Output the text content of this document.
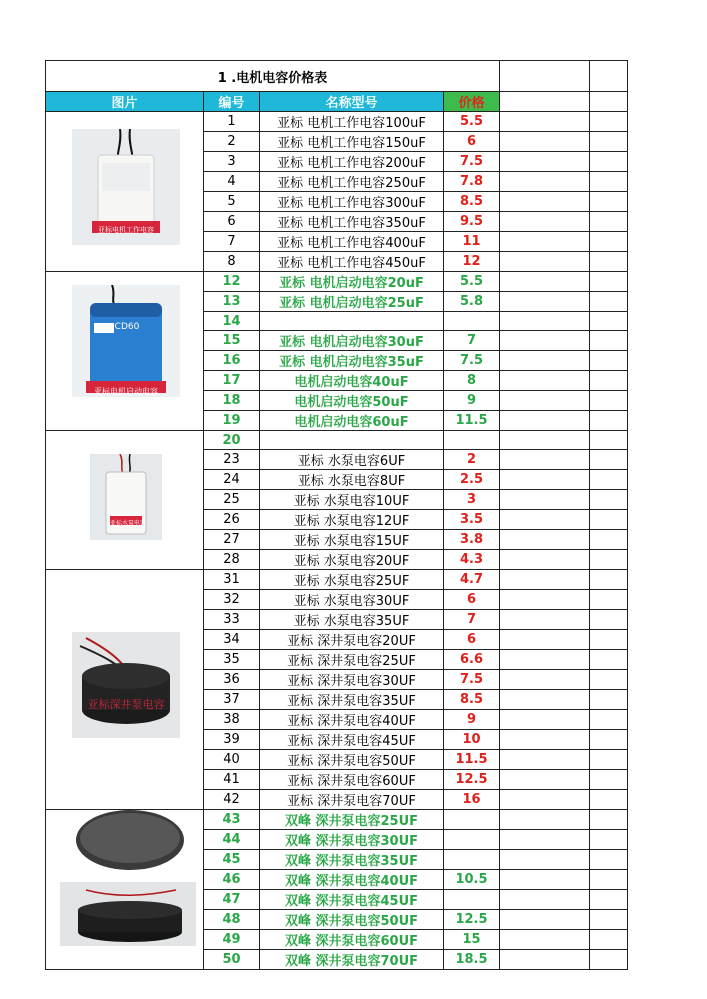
1 .电机电容价格表					
图片	编号	名称型号	价格		

亚标电机工作电容	1	亚标 电机工作电容100uF	5.5		
	2	亚标 电机工作电容150uF	6		
	3	亚标 电机工作电容200uF	7.5		
	4	亚标 电机工作电容250uF	7.8		
	5	亚标 电机工作电容300uF	8.5		
	6	亚标 电机工作电容350uF	9.5		
	7	亚标 电机工作电容400uF	11		
	8	亚标 电机工作电容450uF	12		

CD60
亚标电机启动电容	12	亚标 电机启动电容20uF	5.5		
	13	亚标 电机启动电容25uF	5.8		
	14				
	15	亚标 电机启动电容30uF	7		
	16	亚标 电机启动电容35uF	7.5		
	17	电机启动电容40uF	8		
	18	电机启动电容50uF	9		
	19	电机启动电容60uF	11.5		

亚标水泵电容	20				
	23	亚标 水泵电容6UF	2		
	24	亚标 水泵电容8UF	2.5		
	25	亚标 水泵电容10UF	3		
	26	亚标 水泵电容12UF	3.5		
	27	亚标 水泵电容15UF	3.8		
	28	亚标 水泵电容20UF	4.3		

亚标深井泵电容	31	亚标 水泵电容25UF	4.7		
	32	亚标 水泵电容30UF	6		
	33	亚标 水泵电容35UF	7		
	34	亚标 深井泵电容20UF	6		
	35	亚标 深井泵电容25UF	6.6		
	36	亚标 深井泵电容30UF	7.5		
	37	亚标 深井泵电容35UF	8.5		
	38	亚标 深井泵电容40UF	9		
	39	亚标 深井泵电容45UF	10		
	40	亚标 深井泵电容50UF	11.5		
	41	亚标 深井泵电容60UF	12.5		
	42	亚标 深井泵电容70UF	16		

	43	双峰 深井泵电容25UF			
	44	双峰 深井泵电容30UF			
	45	双峰 深井泵电容35UF			
	46	双峰 深井泵电容40UF	10.5		
	47	双峰 深井泵电容45UF			
	48	双峰 深井泵电容50UF	12.5		
	49	双峰 深井泵电容60UF	15		
	50	双峰 深井泵电容70UF	18.5		
